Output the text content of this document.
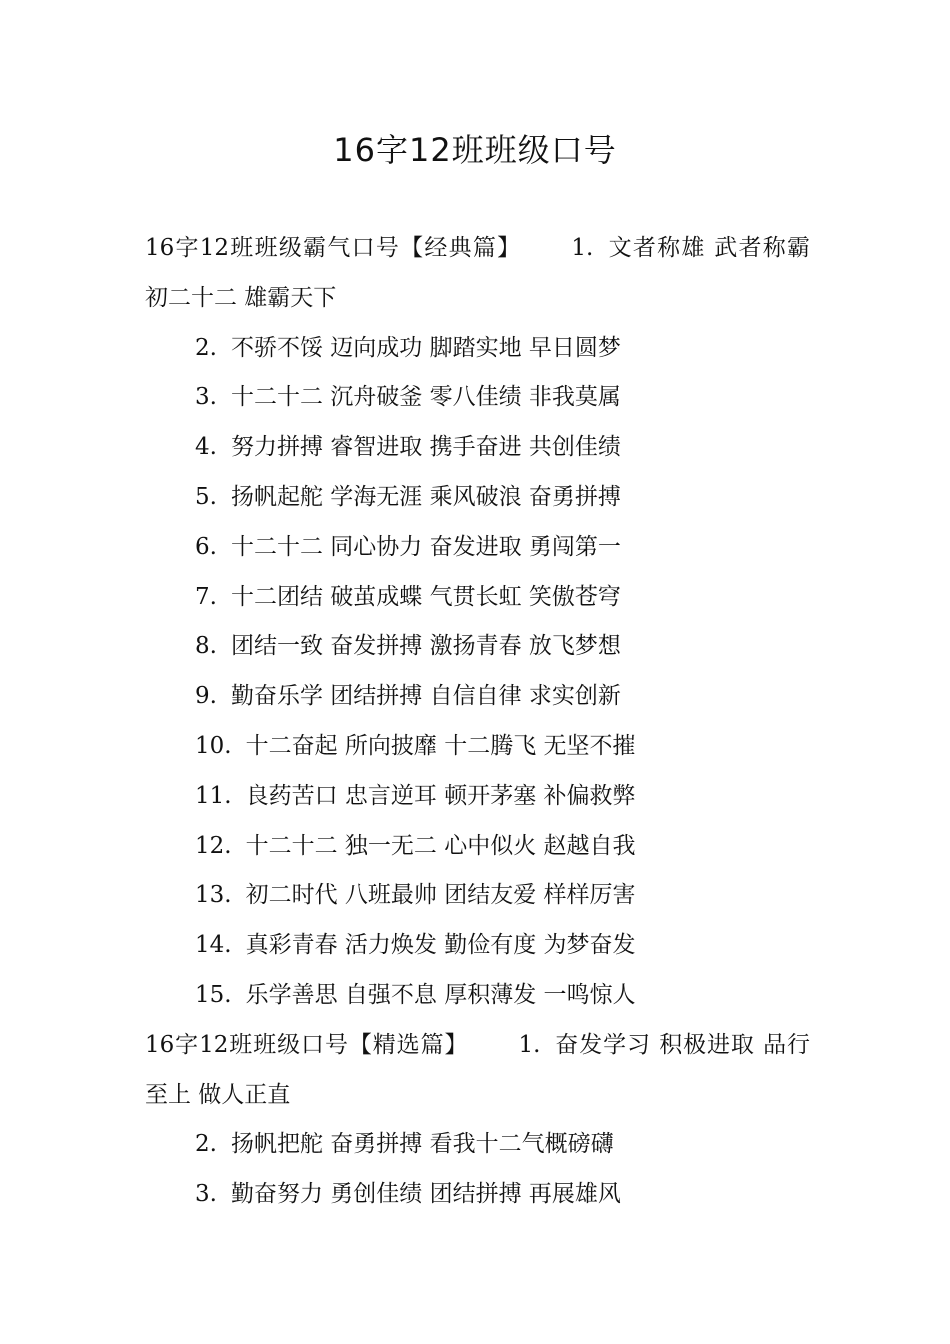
16字12班班级口号

16字12班班级霸气口号【经典篇】 1. 文者称雄 武者称霸 初二十二 雄霸天下

2. 不骄不馁 迈向成功 脚踏实地 早日圆梦

3. 十二十二 沉舟破釜 零八佳绩 非我莫属

4. 努力拼搏 睿智进取 携手奋进 共创佳绩

5. 扬帆起舵 学海无涯 乘风破浪 奋勇拼搏

6. 十二十二 同心协力 奋发进取 勇闯第一

7. 十二团结 破茧成蝶 气贯长虹 笑傲苍穹

8. 团结一致 奋发拼搏 激扬青春 放飞梦想

9. 勤奋乐学 团结拼搏 自信自律 求实创新

10. 十二奋起 所向披靡 十二腾飞 无坚不摧

11. 良药苦口 忠言逆耳 顿开茅塞 补偏救弊

12. 十二十二 独一无二 心中似火 赵越自我

13. 初二时代 八班最帅 团结友爱 样样厉害

14. 真彩青春 活力焕发 勤俭有度 为梦奋发

15. 乐学善思 自强不息 厚积薄发 一鸣惊人

16字12班班级口号【精选篇】 1. 奋发学习 积极进取 品行至上 做人正直

2. 扬帆把舵 奋勇拼搏 看我十二气概磅礴

3. 勤奋努力 勇创佳绩 团结拼搏 再展雄风
